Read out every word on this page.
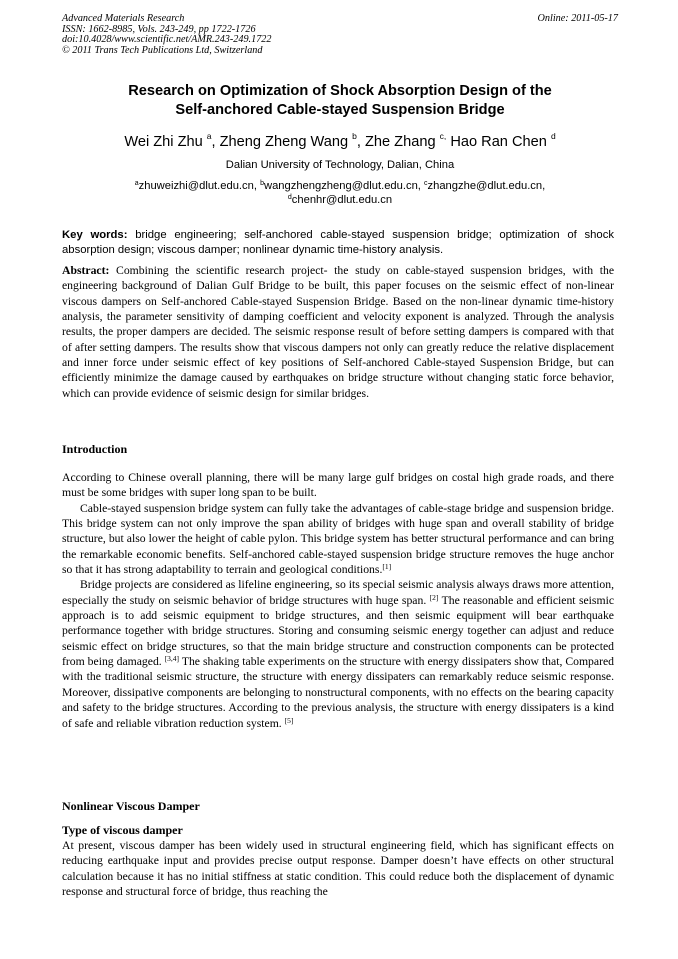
Advanced Materials Research
ISSN: 1662-8985, Vols. 243-249, pp 1722-1726
doi:10.4028/www.scientific.net/AMR.243-249.1722
© 2011 Trans Tech Publications Ltd, Switzerland
Online: 2011-05-17
Research on Optimization of Shock Absorption Design of the
Self-anchored Cable-stayed Suspension Bridge
Wei Zhi Zhu $^a$, Zheng Zheng Wang $^b$, Zhe Zhang $^{c,}$ Hao Ran Chen $^d$
Dalian University of Technology, Dalian, China
$^a$zhuweizhi@dlut.edu.cn, $^b$wangzhengzheng@dlut.edu.cn, $^c$zhangzhe@dlut.edu.cn,
$^d$chenhr@dlut.edu.cn
Key words: bridge engineering; self-anchored cable-stayed suspension bridge; optimization of shock absorption design; viscous damper; nonlinear dynamic time-history analysis.

Abstract: Combining the scientific research project- the study on cable-stayed suspension bridges, with the engineering background of Dalian Gulf Bridge to be built, this paper focuses on the seismic effect of non-linear viscous dampers on Self-anchored Cable-stayed Suspension Bridge. Based on the non-linear dynamic time-history analysis, the parameter sensitivity of damping coefficient and velocity exponent is analyzed. Through the analysis results, the proper dampers are decided. The seismic response result of before setting dampers is compared with that of after setting dampers. The results show that viscous dampers not only can greatly reduce the relative displacement and inner force under seismic effect of key positions of Self-anchored Cable-stayed Suspension Bridge, but can efficiently minimize the damage caused by earthquakes on bridge structure without changing static force behavior, which can provide evidence of seismic design for similar bridges.

Introduction

According to Chinese overall planning, there will be many large gulf bridges on costal high grade roads, and there must be some bridges with super long span to be built.

Cable-stayed suspension bridge system can fully take the advantages of cable-stage bridge and suspension bridge. This bridge system can not only improve the span ability of bridges with huge span and overall stability of bridge structure, but also lower the height of cable pylon. This bridge system has better structural performance and can bring the remarkable economic benefits. Self-anchored cable-stayed suspension bridge structure removes the huge anchor so that it has strong adaptability to terrain and geological conditions.[1]

Bridge projects are considered as lifeline engineering, so its special seismic analysis always draws more attention, especially the study on seismic behavior of bridge structures with huge span. [2] The reasonable and efficient seismic approach is to add seismic equipment to bridge structures, and then seismic equipment will bear earthquake performance together with bridge structures. Storing and consuming seismic energy together can adjust and reduce seismic effect on bridge structures, so that the main bridge structure and construction components can be protected from being damaged. [3,4] The shaking table experiments on the structure with energy dissipaters show that, Compared with the traditional seismic structure, the structure with energy dissipaters can remarkably reduce seismic response. Moreover, dissipative components are belonging to nonstructural components, with no effects on the bearing capacity and safety to the bridge structures. According to the previous analysis, the structure with energy dissipaters is a kind of safe and reliable vibration reduction system. [5]

Nonlinear Viscous Damper
Type of viscous damper

At present, viscous damper has been widely used in structural engineering field, which has significant effects on reducing earthquake input and provides precise output response. Damper doesn’t have effects on other structural calculation because it has no initial stiffness at static condition. This could reduce both the displacement of dynamic response and structural force of bridge, thus reaching the
